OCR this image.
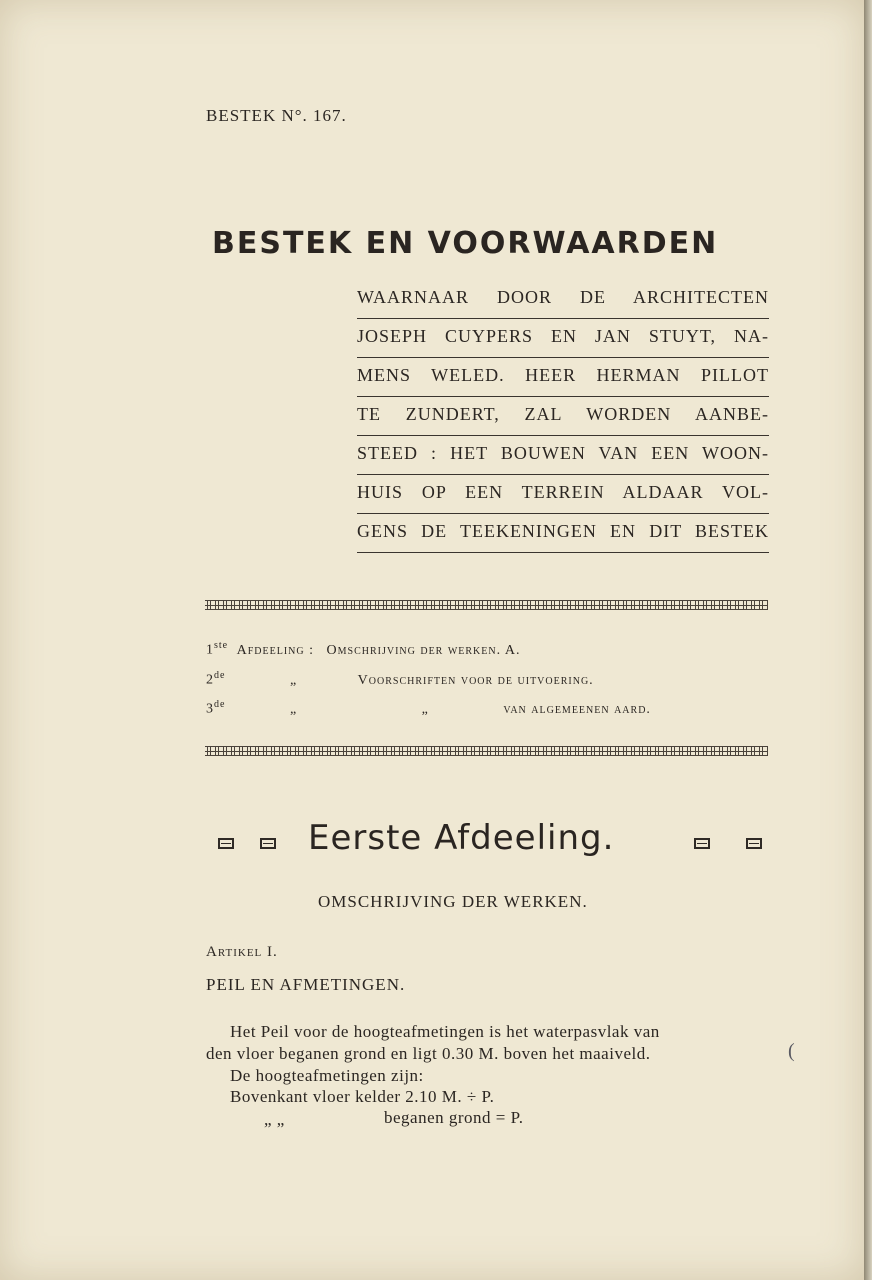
BESTEK N°. 167.
BESTEK EN VOORWAARDEN
WAARNAAR DOOR DE ARCHITECTEN
JOSEPH CUYPERS EN JAN STUYT, NA-
MENS WELED. HEER HERMAN PILLOT
TE ZUNDERT, ZAL WORDEN AANBE-
STEED : HET BOUWEN VAN EEN WOON-
HUIS OP EEN TERREIN ALDAAR VOL-
GENS DE TEEKENINGEN EN DIT BESTEK
1ste Afdeeling : Omschrijving der werken. A.
2de	„	Voorschriften voor de uitvoering.
3de	„	„	van algemeenen aard.
Eerste Afdeeling.
OMSCHRIJVING DER WERKEN.
Artikel I.
PEIL EN AFMETINGEN.
Het Peil voor de hoogteafmetingen is het waterpasvlak van
den vloer beganen grond en ligt 0.30 M. boven het maaiveld.
De hoogteafmetingen zijn:
Bovenkant vloer kelder 2.10 M. ÷ P.
„ „	beganen grond = P.
(
